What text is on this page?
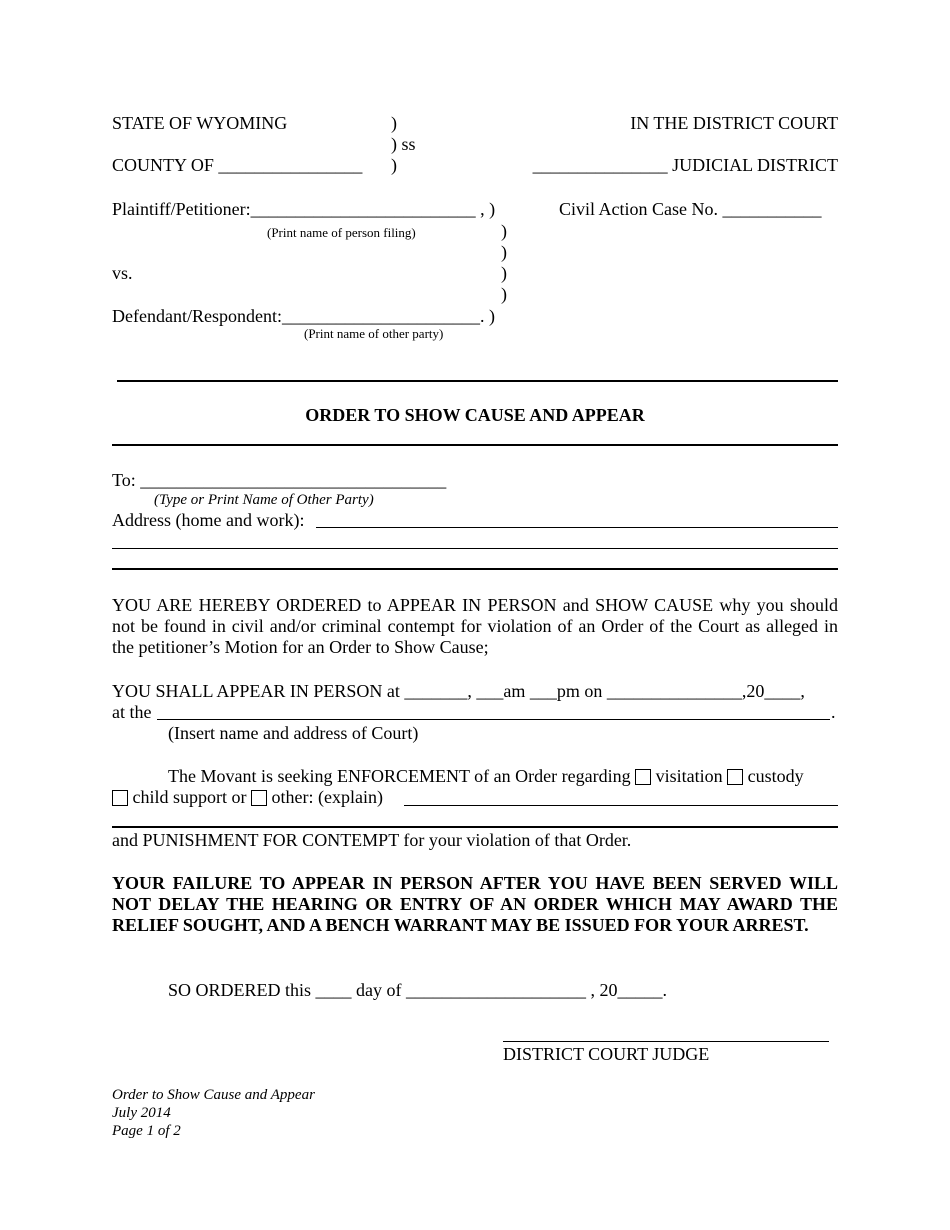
STATE OF WYOMING	)
) ss
COUNTY OF ________________ )
IN THE DISTRICT COURT
_______________ JUDICIAL DISTRICT
Plaintiff/Petitioner:_________________________ , )
(Print name of person filing)	)
)
vs.	)
)
Defendant/Respondent:______________________. )
(Print name of other party)
Civil Action Case No. ___________
ORDER TO SHOW CAUSE AND APPEAR
To: __________________________________
(Type or Print Name of Other Party)
Address (home and work):
YOU ARE HEREBY ORDERED to APPEAR IN PERSON and SHOW CAUSE why you should not be found in civil and/or criminal contempt for violation of an Order of the Court as alleged in the petitioner’s Motion for an Order to Show Cause;
YOU SHALL APPEAR IN PERSON at _______, ___am ___pm on _______________,20____,
at the	.
(Insert name and address of Court)
The Movant is seeking ENFORCEMENT of an Order regarding visitation custody
child support or other: (explain)
and PUNISHMENT FOR CONTEMPT for your violation of that Order.
YOUR FAILURE TO APPEAR IN PERSON AFTER YOU HAVE BEEN SERVED WILL NOT DELAY THE HEARING OR ENTRY OF AN ORDER WHICH MAY AWARD THE RELIEF SOUGHT, AND A BENCH WARRANT MAY BE ISSUED FOR YOUR ARREST.
SO ORDERED this ____ day of ____________________ , 20_____.
DISTRICT COURT JUDGE
Order to Show Cause and Appear
July 2014
Page 1 of 2
